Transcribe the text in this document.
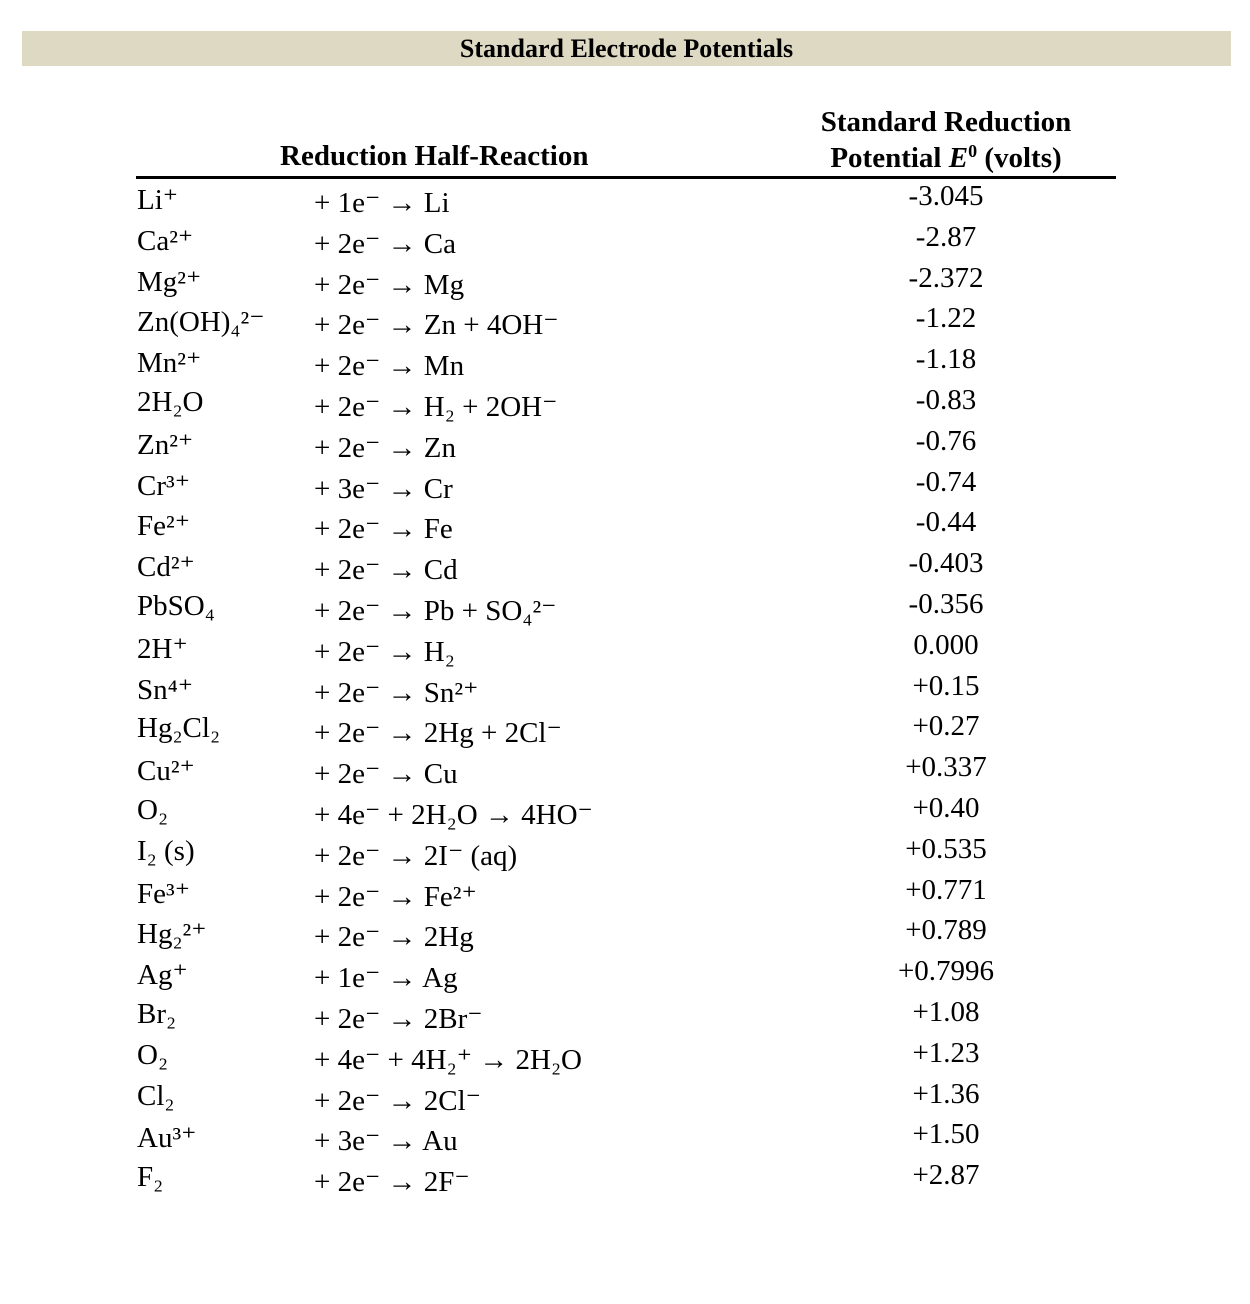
Standard Electrode Potentials
Reduction Half-Reaction
Standard Reduction
Potential $E^0$ (volts)
Li⁺	+ 1e⁻ → Li	-3.045
Ca²⁺	+ 2e⁻ → Ca	-2.87
Mg²⁺	+ 2e⁻ → Mg	-2.372
Zn(OH)₄²⁻ + 2e⁻ → Zn + 4OH⁻	-1.22
Mn²⁺	+ 2e⁻ → Mn	-1.18
2H₂O	+ 2e⁻ → H₂ + 2OH⁻	-0.83
Zn²⁺	+ 2e⁻ → Zn	-0.76
Cr³⁺	+ 3e⁻ → Cr	-0.74
Fe²⁺	+ 2e⁻ → Fe	-0.44
Cd²⁺	+ 2e⁻ → Cd	-0.403
PbSO₄	+ 2e⁻ → Pb + SO₄²⁻	-0.356
2H⁺	+ 2e⁻ → H₂	0.000
Sn⁴⁺	+ 2e⁻ → Sn²⁺	+0.15
Hg₂Cl₂	+ 2e⁻ → 2Hg + 2Cl⁻	+0.27
Cu²⁺	+ 2e⁻ → Cu	+0.337
O₂	+ 4e⁻ + 2H₂O → 4HO⁻	+0.40
I₂ (s)	+ 2e⁻ → 2I⁻ (aq)	+0.535
Fe³⁺	+ 2e⁻ → Fe²⁺	+0.771
Hg₂²⁺	+ 2e⁻ → 2Hg	+0.789
Ag⁺	+ 1e⁻ → Ag	+0.7996
Br₂	+ 2e⁻ → 2Br⁻	+1.08
O₂	+ 4e⁻ + 4H₂⁺ → 2H₂O	+1.23
Cl₂	+ 2e⁻ → 2Cl⁻	+1.36
Au³⁺	+ 3e⁻ → Au	+1.50
F₂	+ 2e⁻ → 2F⁻	+2.87
